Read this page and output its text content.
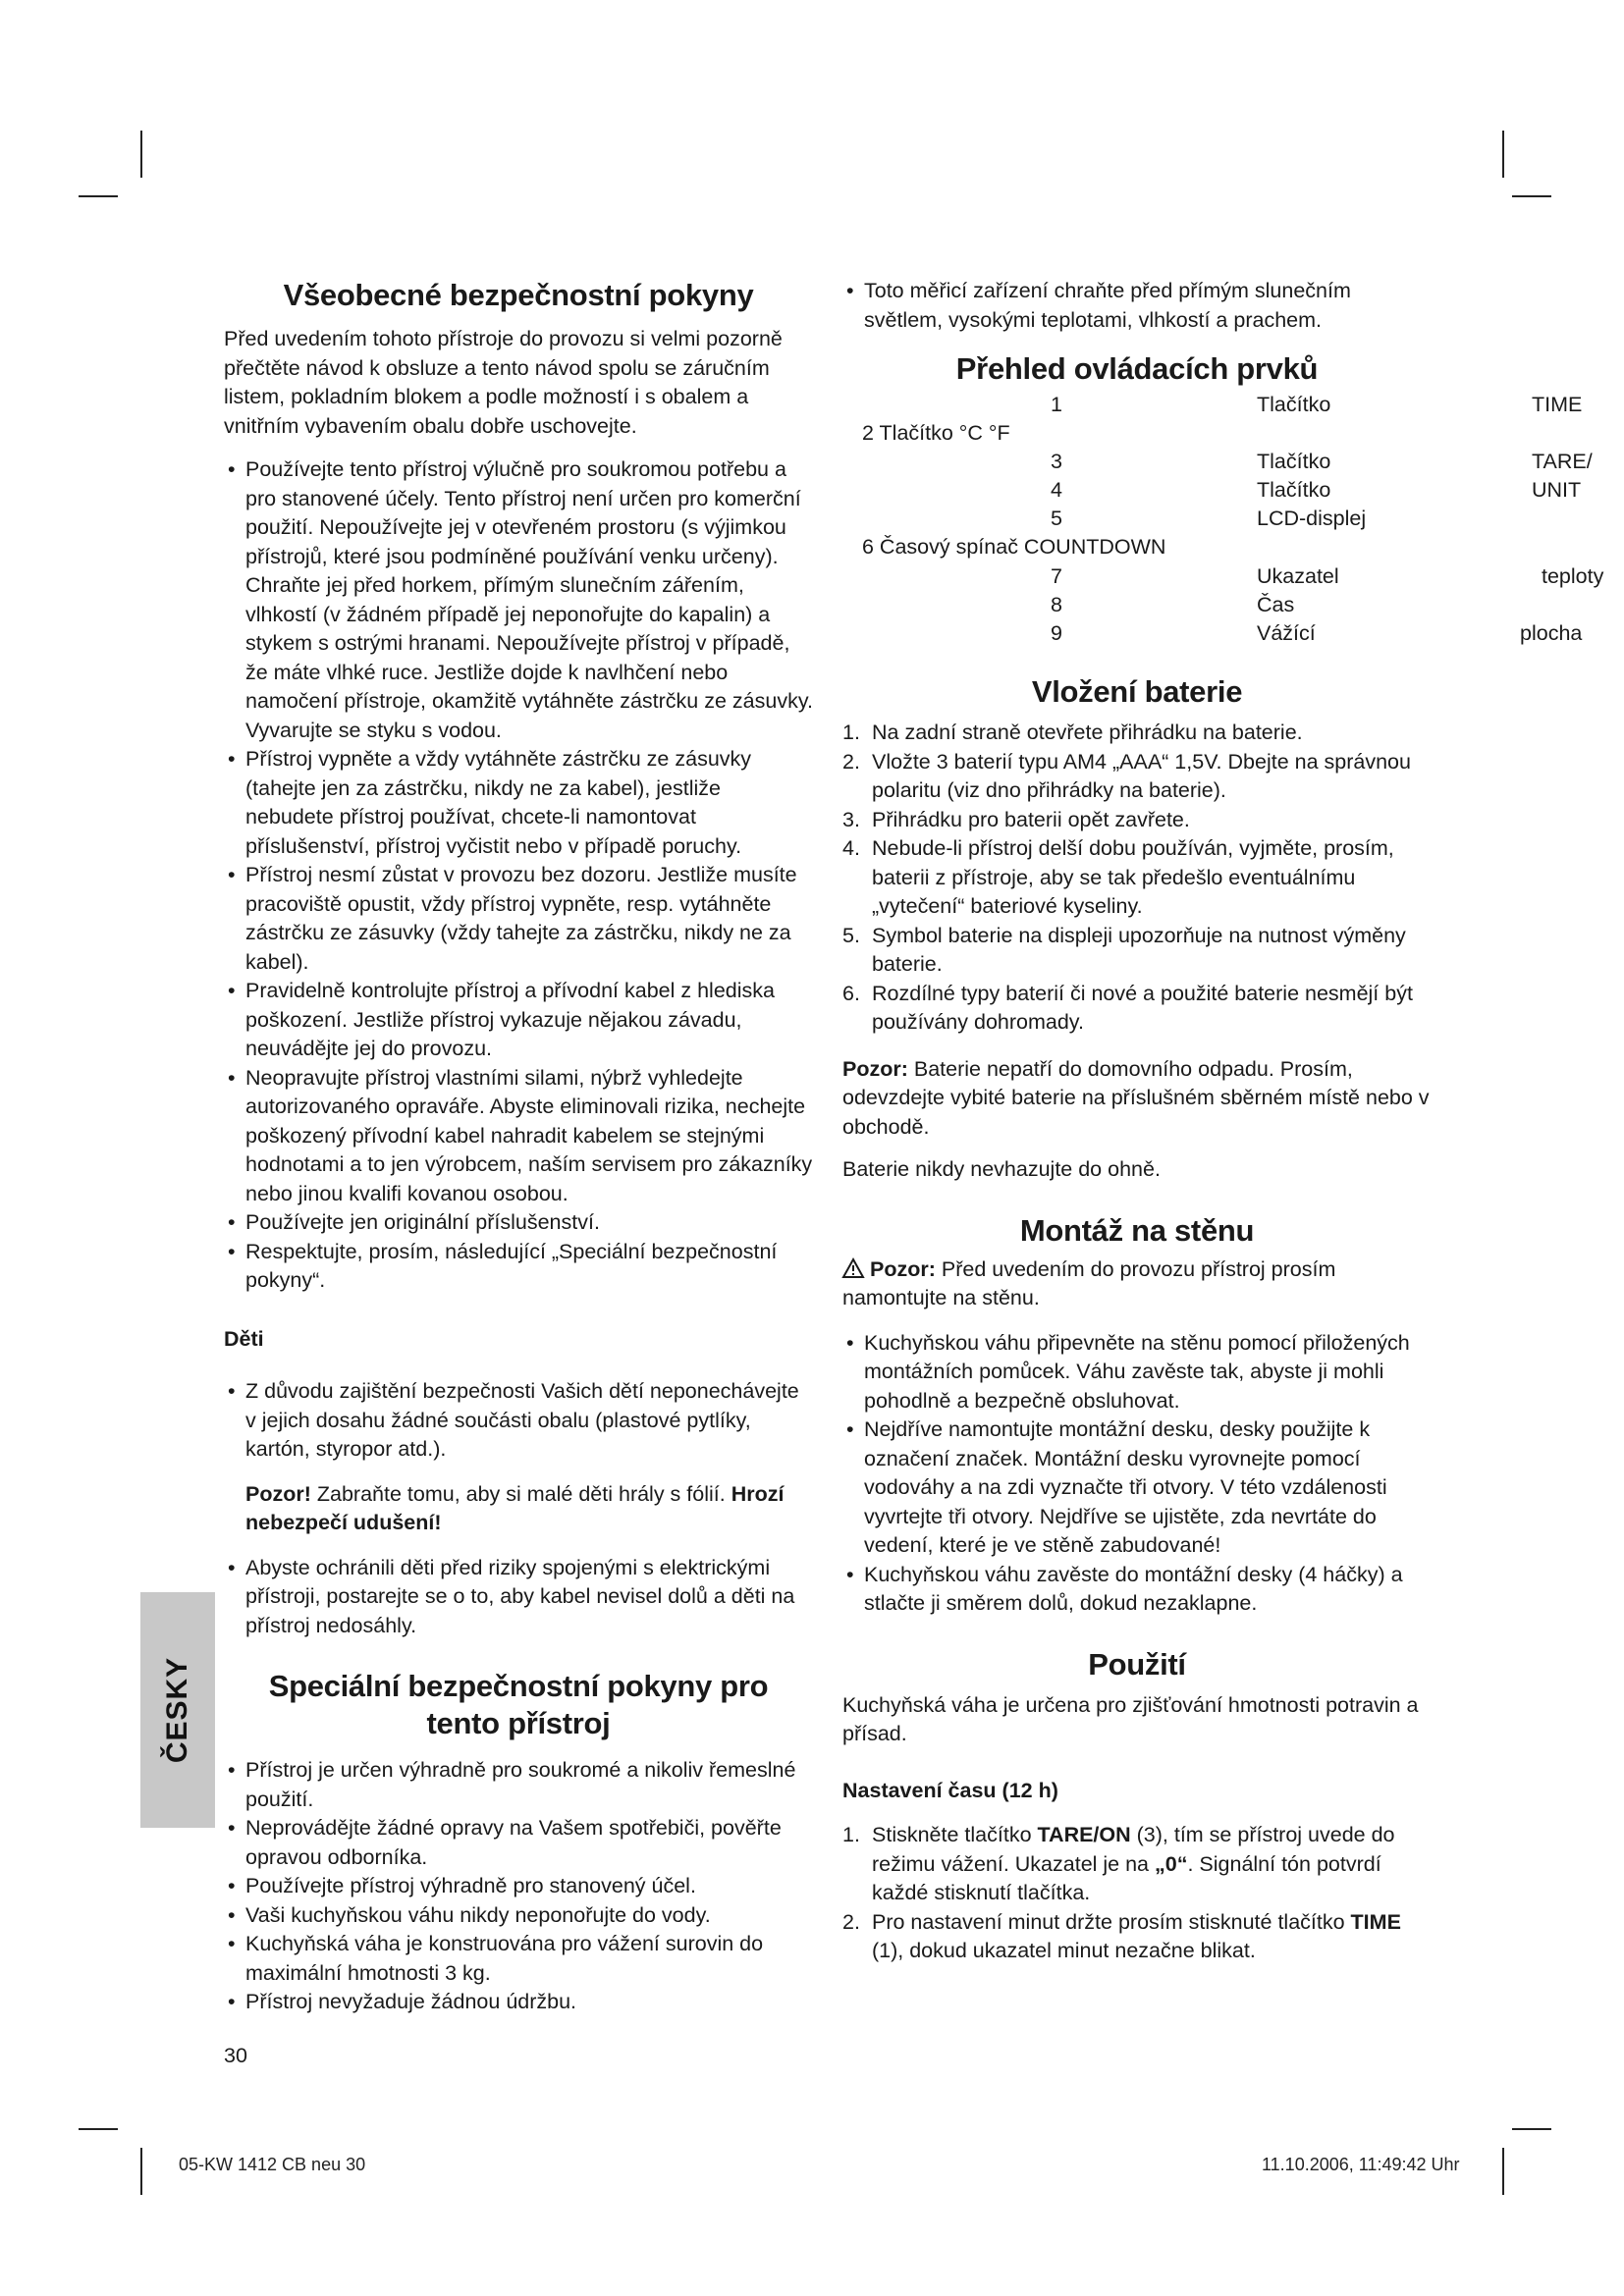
ČESKY
Všeobecné bezpečnostní pokyny

Před uvedením tohoto přístroje do provozu si velmi pozorně přečtěte návod k obsluze a tento návod spolu se záručním listem, pokladním blokem a podle možností i s obalem a vnitřním vybavením obalu dobře uschovejte.

• Používejte tento přístroj výlučně pro soukromou potřebu a pro stanovené účely. Tento přístroj není určen pro komerční použití. Nepoužívejte jej v otevřeném prostoru (s výjimkou přístrojů, které jsou podmíněné používání venku určeny). Chraňte jej před horkem, přímým slunečním zářením, vlhkostí (v žádném případě jej neponořujte do kapalin) a stykem s ostrými hranami. Nepoužívejte přístroj v případě, že máte vlhké ruce. Jestliže dojde k navlhčení nebo namočení přístroje, okamžitě vytáhněte zástrčku ze zásuvky. Vyvarujte se styku s vodou.
• Přístroj vypněte a vždy vytáhněte zástrčku ze zásuvky (tahejte jen za zástrčku, nikdy ne za kabel), jestliže nebudete přístroj používat, chcete-li namontovat příslušenství, přístroj vyčistit nebo v případě poruchy.
• Přístroj nesmí zůstat v provozu bez dozoru. Jestliže musíte pracoviště opustit, vždy přístroj vypněte, resp. vytáhněte zástrčku ze zásuvky (vždy tahejte za zástrčku, nikdy ne za kabel).
• Pravidelně kontrolujte přístroj a přívodní kabel z hlediska poškození. Jestliže přístroj vykazuje nějakou závadu, neuvádějte jej do provozu.
• Neopravujte přístroj vlastními silami, nýbrž vyhledejte autorizovaného opraváře. Abyste eliminovali rizika, nechejte poškozený přívodní kabel nahradit kabelem se stejnými hodnotami a to jen výrobcem, naším servisem pro zákazníky nebo jinou kvalifi kovanou osobou.
• Používejte jen originální příslušenství.
• Respektujte, prosím, následující „Speciální bezpečnostní pokyny“.
Děti
• Z důvodu zajištění bezpečnosti Vašich dětí neponechávejte v jejich dosahu žádné součásti obalu (plastové pytlíky, kartón, styropor atd.).

Pozor! Zabraňte tomu, aby si malé děti hrály s fólií. Hrozí nebezpečí udušení!

• Abyste ochránili děti před riziky spojenými s elektrickými přístroji, postarejte se o to, aby kabel nevisel dolů a děti na přístroj nedosáhly.
Speciální bezpečnostní pokyny pro tento přístroj
• Přístroj je určen výhradně pro soukromé a nikoliv řemeslné použití.
• Neprovádějte žádné opravy na Vašem spotřebiči, pověřte opravou odborníka.
• Používejte přístroj výhradně pro stanovený účel.
• Vaši kuchyňskou váhu nikdy neponořujte do vody.
• Kuchyňská váha je konstruována pro vážení surovin do maximální hmotnosti 3 kg.
• Přístroj nevyžaduje žádnou údržbu.
30
• Toto měřicí zařízení chraňte před přímým slunečním světlem, vysokými teplotami, vlhkostí a prachem.
Přehled ovládacích prvků
1	Tlačítko	TIME
2 Tlačítko °C °F
3	Tlačítko	TARE/
4	Tlačítko	UNIT
5	LCD-displej
6 Časový spínač COUNTDOWN
7	Ukazatel	teploty
8	Čas
9	Vážící	plocha
Vložení baterie
1. Na zadní straně otevřete přihrádku na baterie.
2. Vložte 3 baterií typu AM4 „AAA“ 1,5V. Dbejte na správnou polaritu (viz dno přihrádky na baterie).
3. Přihrádku pro baterii opět zavřete.
4. Nebude-li přístroj delší dobu používán, vyjměte, prosím, baterii z přístroje, aby se tak předešlo eventuálnímu „vytečení“ bateriové kyseliny.
5. Symbol baterie na displeji upozorňuje na nutnost výměny baterie.
6. Rozdílné typy baterií či nové a použité baterie nesmějí být používány dohromady.

Pozor: Baterie nepatří do domovního odpadu. Prosím, odevzdejte vybité baterie na příslušném sběrném místě nebo v obchodě.

Baterie nikdy nevhazujte do ohně.

Montáž na stěnu

Pozor: Před uvedením do provozu přístroj prosím namontujte na stěnu.

• Kuchyňskou váhu připevněte na stěnu pomocí přiložených montážních pomůcek. Váhu zavěste tak, abyste ji mohli pohodlně a bezpečně obsluhovat.
• Nejdříve namontujte montážní desku, desky použijte k označení značek. Montážní desku vyrovnejte pomocí vodováhy a na zdi vyznačte tři otvory. V této vzdálenosti vyvrtejte tři otvory. Nejdříve se ujistěte, zda nevrtáte do vedení, které je ve stěně zabudované!
• Kuchyňskou váhu zavěste do montážní desky (4 háčky) a stlačte ji směrem dolů, dokud nezaklapne.
Použití

Kuchyňská váha je určena pro zjišťování hmotnosti potravin a přísad.

Nastavení času (12 h)
1. Stiskněte tlačítko TARE/ON (3), tím se přístroj uvede do režimu vážení. Ukazatel je na „0“. Signální tón potvrdí každé stisknutí tlačítka.
2. Pro nastavení minut držte prosím stisknuté tlačítko TIME (1), dokud ukazatel minut nezačne blikat.
05-KW 1412 CB neu 30	11.10.2006, 11:49:42 Uhr
